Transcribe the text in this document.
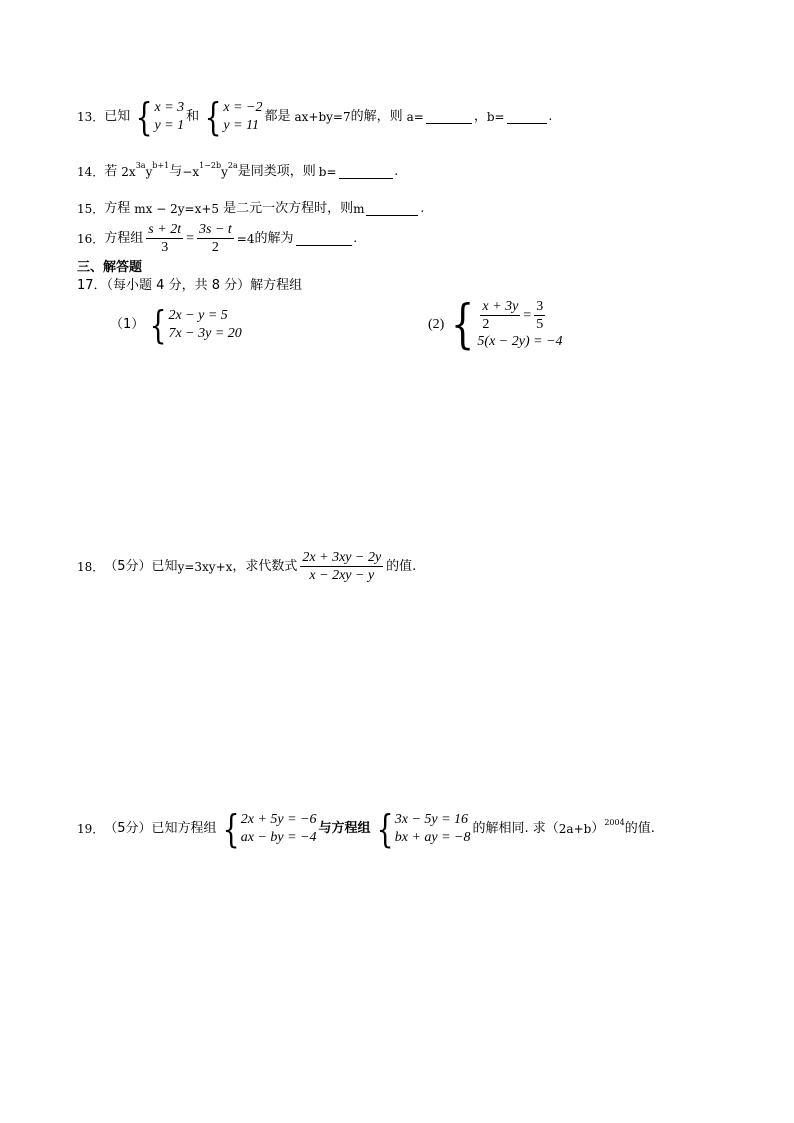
13． 已知 { x = 3
y = 1
和 { x = −2
y = 11
都是 ax+by=7 的解，则 a=	， b=	.
14． 若 2x 3a y b+1 与 −x 1−2b y 2a 是同类项，则 b=	.
15． 方程 mx − 2y=x+5 是二元一次方程时，则 m	.
16． 方程组 $\frac{s + 2t}{3} = \frac{3s - t}{2} =4$ 的解为	.
三、解答题
17．（每小题 4 分，共 8 分）解方程组
（1） { 2x − y = 5
7x − 3y = 20
(2) { $\frac{x + 3y}{2} = \frac{3}{5}$
5(x − 2y) = −4
18． （5分）已知 y=3xy+x ，求代数式 $\frac{2x + 3xy - 2y}{x - 2xy - y}$ 的值.
19． （5分）已知方程组 { 2x + 5y = −6
ax − by = −4
与方程组 { 3x − 5y = 16
bx + ay = −8
的解相同. 求（ 2a+b ） 2004 的值.
